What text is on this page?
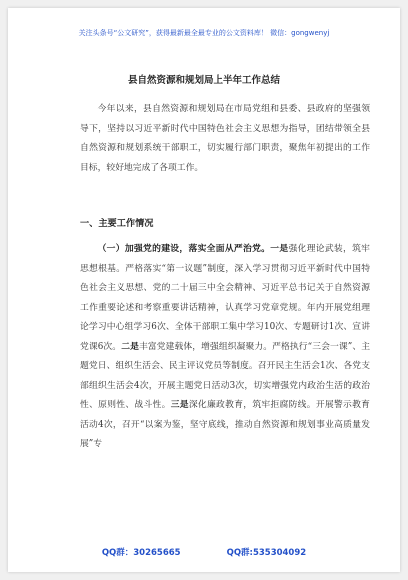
关注头条号“公文研究”，获得最新最全最专业的公文资料库！ 微信：gongwenyj
县自然资源和规划局上半年工作总结

今年以来，县自然资源和规划局在市局党组和县委、县政府的坚强领导下，坚持以习近平新时代中国特色社会主义思想为指导，团结带领全县自然资源和规划系统干部职工，切实履行部门职责，聚焦年初提出的工作目标，较好地完成了各项工作。

一、主要工作情况

（一）加强党的建设，落实全面从严治党。一是强化理论武装，筑牢思想根基。严格落实“第一议题”制度，深入学习贯彻习近平新时代中国特色社会主义思想、党的二十届三中全会精神、习近平总书记关于自然资源工作重要论述和考察重要讲话精神，认真学习党章党规。年内开展党组理论学习中心组学习6次、全体干部职工集中学习10次、专题研讨1次、宣讲党课6次。二是丰富党建载体，增强组织凝聚力。严格执行“三会一课”、主题党日、组织生活会、民主评议党员等制度。召开民主生活会1次、各党支部组织生活会4次，开展主题党日活动3次，切实增强党内政治生活的政治性、原则性、战斗性。三是深化廉政教育，筑牢拒腐防线。开展警示教育活动4次，召开“以案为鉴，坚守底线，推动自然资源和规划事业高质量发展”专

QQ群：30265665	QQ群:535304092
